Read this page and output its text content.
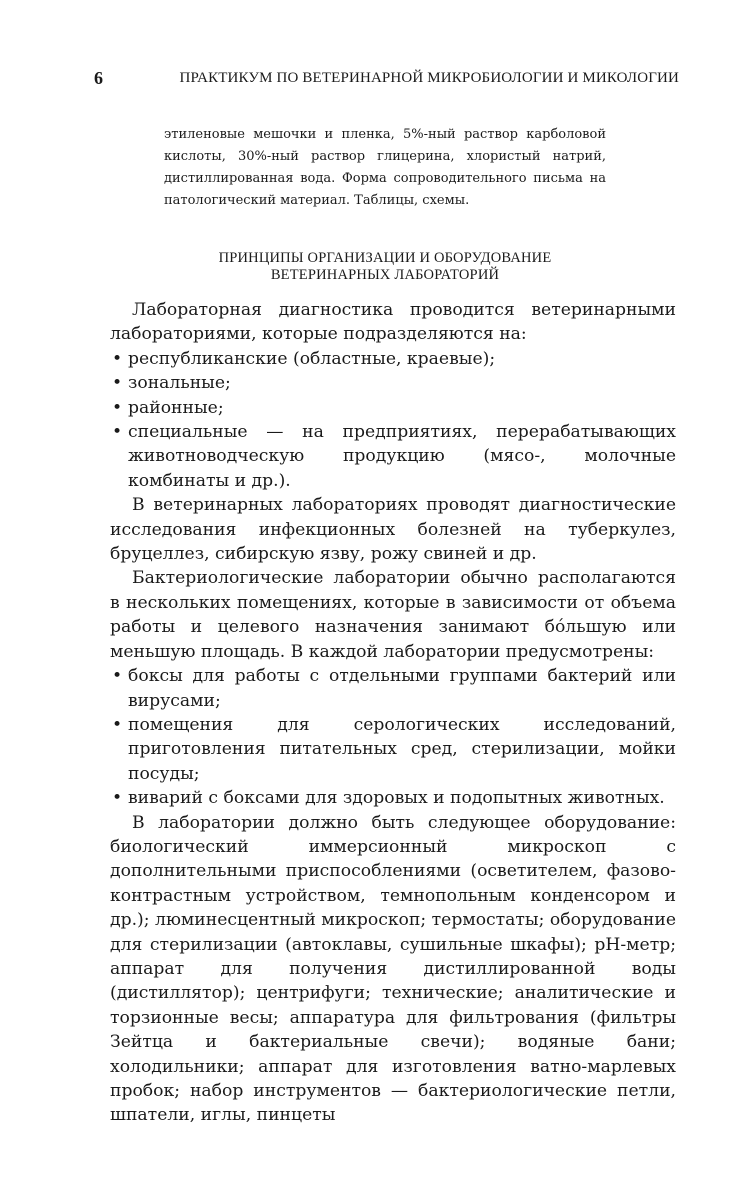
6	ПРАКТИКУМ ПО ВЕТЕРИНАРНОЙ МИКРОБИОЛОГИИ И МИКОЛОГИИ
этиленовые мешочки и пленка, 5%-ный раствор карболовой кислоты, 30%-ный раствор глицерина, хлористый натрий, дистиллированная вода. Форма сопроводительного письма на патологический материал. Таблицы, схемы.
ПРИНЦИПЫ ОРГАНИЗАЦИИ И ОБОРУДОВАНИЕ
ВЕТЕРИНАРНЫХ ЛАБОРАТОРИЙ

Лабораторная диагностика проводится ветеринарными лабораториями, которые подразделяются на:

• республиканские (областные, краевые);
• зональные;
• районные;
• специальные — на предприятиях, перерабатывающих животноводческую продукцию (мясо-, молочные комбинаты и др.).

В ветеринарных лабораториях проводят диагностические исследования инфекционных болезней на туберкулез, бруцеллез, сибирскую язву, рожу свиней и др.

Бактериологические лаборатории обычно располагаются в нескольких помещениях, которые в зависимости от объема работы и целевого назначения занимают бóльшую или меньшую площадь. В каждой лаборатории предусмотрены:

• боксы для работы с отдельными группами бактерий или вирусами;
• помещения для серологических исследований, приготовления питательных сред, стерилизации, мойки посуды;
• виварий с боксами для здоровых и подопытных животных.

В лаборатории должно быть следующее оборудование: биологический иммерсионный микроскоп с дополнительными приспособлениями (осветителем, фазово-контрастным устройством, темнопольным конденсором и др.); люминесцентный микроскоп; термостаты; оборудование для стерилизации (автоклавы, сушильные шкафы); рН-метр; аппарат для получения дистиллированной воды (дистиллятор); центрифуги; технические; аналитические и торзионные весы; аппаратура для фильтрования (фильтры Зейтца и бактериальные свечи); водяные бани; холодильники; аппарат для изготовления ватно-марлевых пробок; набор инструментов — бактериологические петли, шпатели, иглы, пинцеты
